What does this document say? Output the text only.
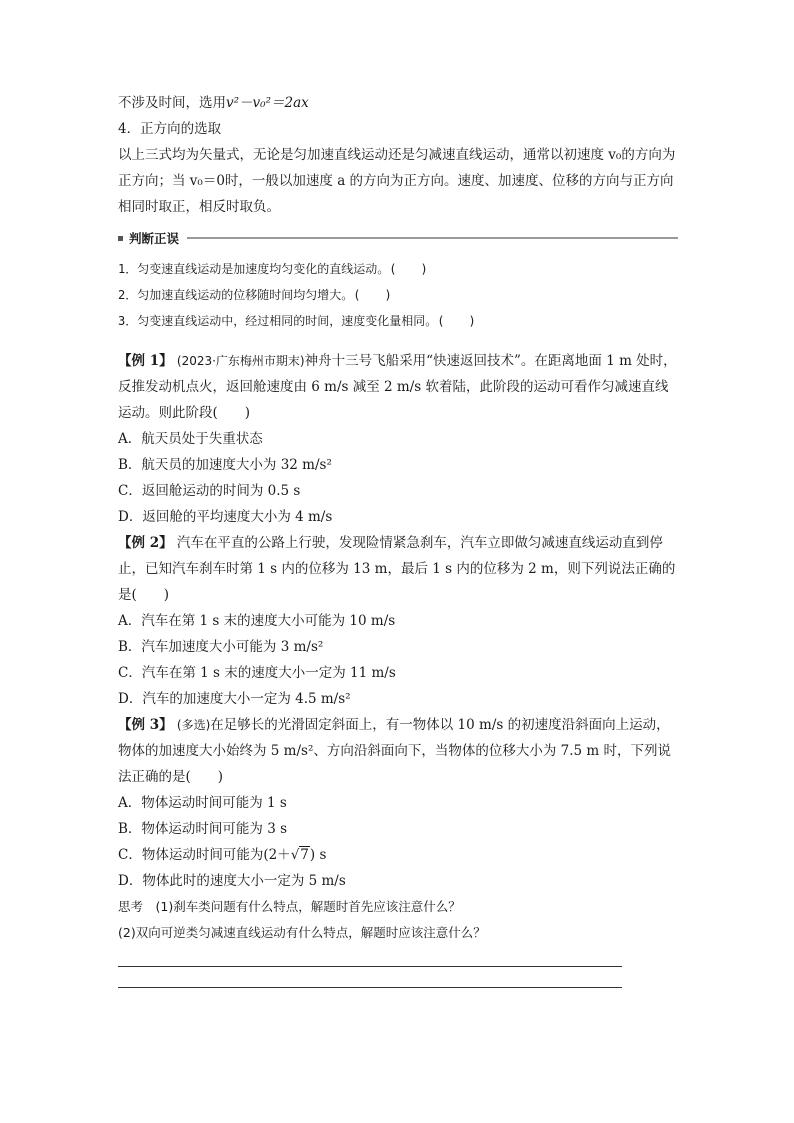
不涉及时间，选用v²－v₀²＝2ax
4．正方向的选取
以上三式均为矢量式，无论是匀加速直线运动还是匀减速直线运动，通常以初速度 v₀的方向为正方向；当 v₀＝0时，一般以加速度 a 的方向为正方向。速度、加速度、位移的方向与正方向相同时取正，相反时取负。
判断正误
1．匀变速直线运动是加速度均匀变化的直线运动。(　　)
2．匀加速直线运动的位移随时间均匀增大。(　　)
3．匀变速直线运动中，经过相同的时间，速度变化量相同。(　　)
【例 1】 (2023·广东梅州市期末)神舟十三号飞船采用“快速返回技术”。在距离地面 1 m 处时，反推发动机点火，返回舱速度由 6 m/s 减至 2 m/s 软着陆，此阶段的运动可看作匀减速直线运动。则此阶段(　　)
A．航天员处于失重状态
B．航天员的加速度大小为 32 m/s²
C．返回舱运动的时间为 0.5 s
D．返回舱的平均速度大小为 4 m/s
【例 2】 汽车在平直的公路上行驶，发现险情紧急刹车，汽车立即做匀减速直线运动直到停止，已知汽车刹车时第 1 s 内的位移为 13 m，最后 1 s 内的位移为 2 m，则下列说法正确的是(　　)
A．汽车在第 1 s 末的速度大小可能为 10 m/s
B．汽车加速度大小可能为 3 m/s²
C．汽车在第 1 s 末的速度大小一定为 11 m/s
D．汽车的加速度大小一定为 4.5 m/s²
【例 3】 (多选)在足够长的光滑固定斜面上，有一物体以 10 m/s 的初速度沿斜面向上运动，物体的加速度大小始终为 5 m/s²、方向沿斜面向下，当物体的位移大小为 7.5 m 时，下列说法正确的是(　　)
A．物体运动时间可能为 1 s
B．物体运动时间可能为 3 s
C．物体运动时间可能为(2＋√7) s
D．物体此时的速度大小一定为 5 m/s
思考　 (1)刹车类问题有什么特点，解题时首先应该注意什么？
(2)双向可逆类匀减速直线运动有什么特点，解题时应该注意什么？
